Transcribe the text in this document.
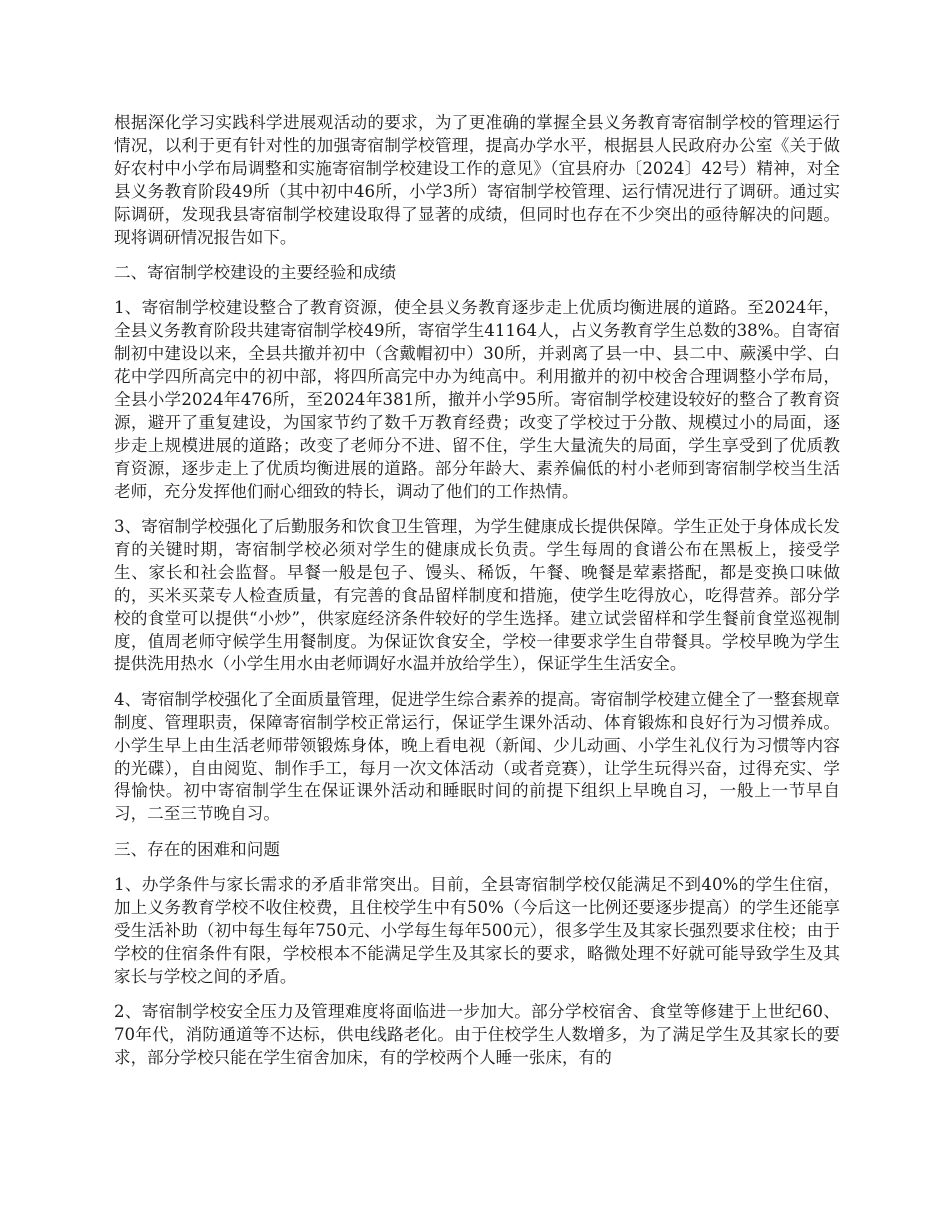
根据深化学习实践科学进展观活动的要求，为了更准确的掌握全县义务教育寄宿制学校的管理运行情况，以利于更有针对性的加强寄宿制学校管理，提高办学水平，根据县人民政府办公室《关于做好农村中小学布局调整和实施寄宿制学校建设工作的意见》（宜县府办〔2024〕42号）精神，对全县义务教育阶段49所（其中初中46所，小学3所）寄宿制学校管理、运行情况进行了调研。通过实际调研，发现我县寄宿制学校建设取得了显著的成绩，但同时也存在不少突出的亟待解决的问题。现将调研情况报告如下。

二、寄宿制学校建设的主要经验和成绩

1、寄宿制学校建设整合了教育资源，使全县义务教育逐步走上优质均衡进展的道路。至2024年，全县义务教育阶段共建寄宿制学校49所，寄宿学生41164人，占义务教育学生总数的38%。自寄宿制初中建设以来，全县共撤并初中（含戴帽初中）30所，并剥离了县一中、县二中、蕨溪中学、白花中学四所高完中的初中部，将四所高完中办为纯高中。利用撤并的初中校舍合理调整小学布局，全县小学2024年476所，至2024年381所，撤并小学95所。寄宿制学校建设较好的整合了教育资源，避开了重复建设，为国家节约了数千万教育经费；改变了学校过于分散、规模过小的局面，逐步走上规模进展的道路；改变了老师分不进、留不住，学生大量流失的局面，学生享受到了优质教育资源，逐步走上了优质均衡进展的道路。部分年龄大、素养偏低的村小老师到寄宿制学校当生活老师，充分发挥他们耐心细致的特长，调动了他们的工作热情。

3、寄宿制学校强化了后勤服务和饮食卫生管理，为学生健康成长提供保障。学生正处于身体成长发育的关键时期，寄宿制学校必须对学生的健康成长负责。学生每周的食谱公布在黑板上，接受学生、家长和社会监督。早餐一般是包子、馒头、稀饭，午餐、晚餐是荤素搭配，都是变换口味做的，买米买菜专人检查质量，有完善的食品留样制度和措施，使学生吃得放心，吃得营养。部分学校的食堂可以提供“小炒”，供家庭经济条件较好的学生选择。建立试尝留样和学生餐前食堂巡视制度，值周老师守候学生用餐制度。为保证饮食安全，学校一律要求学生自带餐具。学校早晚为学生提供洗用热水（小学生用水由老师调好水温并放给学生），保证学生生活安全。

4、寄宿制学校强化了全面质量管理，促进学生综合素养的提高。寄宿制学校建立健全了一整套规章制度、管理职责，保障寄宿制学校正常运行，保证学生课外活动、体育锻炼和良好行为习惯养成。小学生早上由生活老师带领锻炼身体，晚上看电视（新闻、少儿动画、小学生礼仪行为习惯等内容的光碟），自由阅览、制作手工，每月一次文体活动（或者竞赛），让学生玩得兴奋，过得充实、学得愉快。初中寄宿制学生在保证课外活动和睡眠时间的前提下组织上早晚自习，一般上一节早自习，二至三节晚自习。

三、存在的困难和问题

1、办学条件与家长需求的矛盾非常突出。目前，全县寄宿制学校仅能满足不到40%的学生住宿，加上义务教育学校不收住校费，且住校学生中有50%（今后这一比例还要逐步提高）的学生还能享受生活补助（初中每生每年750元、小学每生每年500元），很多学生及其家长强烈要求住校；由于学校的住宿条件有限，学校根本不能满足学生及其家长的要求，略微处理不好就可能导致学生及其家长与学校之间的矛盾。

2、寄宿制学校安全压力及管理难度将面临进一步加大。部分学校宿舍、食堂等修建于上世纪60、70年代，消防通道等不达标，供电线路老化。由于住校学生人数增多，为了满足学生及其家长的要求，部分学校只能在学生宿舍加床，有的学校两个人睡一张床，有的
